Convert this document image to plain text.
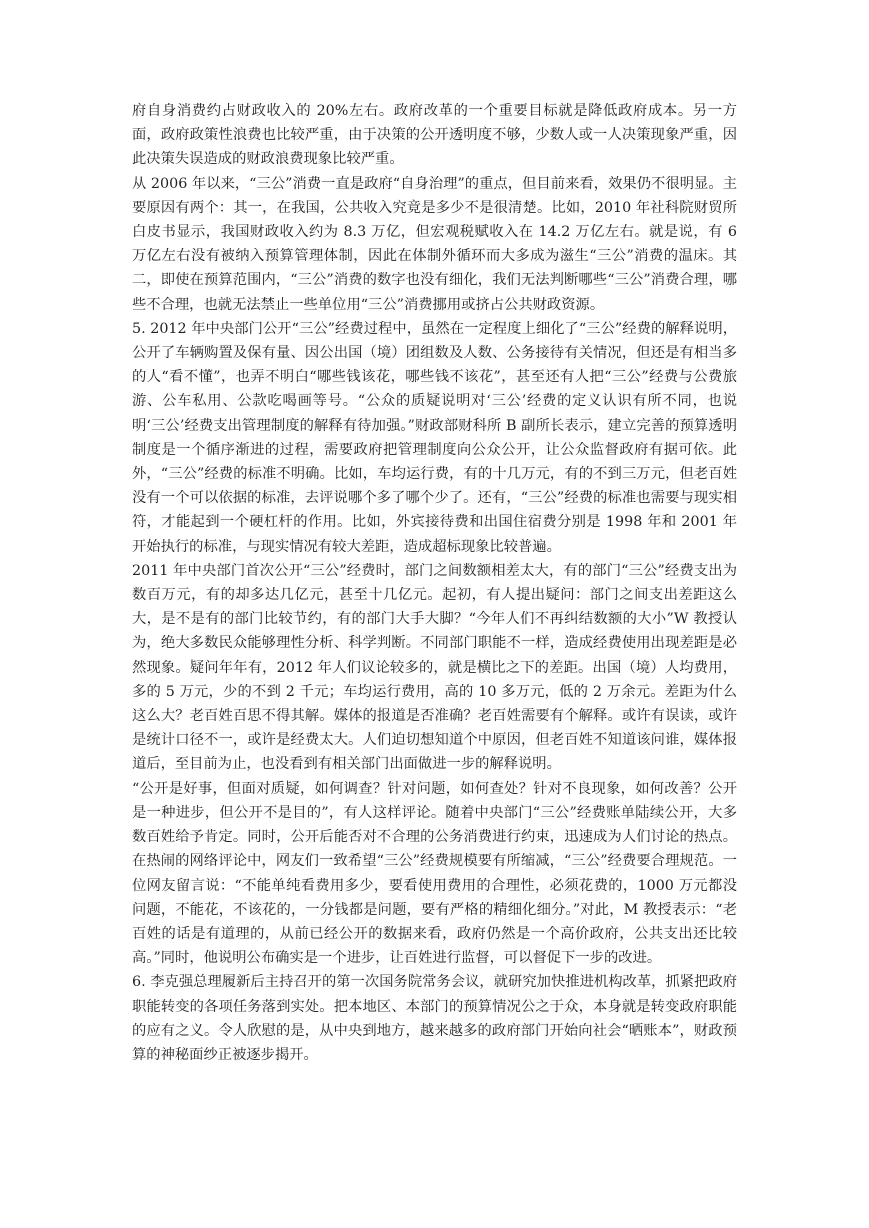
府自身消费约占财政收入的 20%左右。政府改革的一个重要目标就是降低政府成本。另一方面，政府政策性浪费也比较严重，由于决策的公开透明度不够，少数人或一人决策现象严重，因此决策失误造成的财政浪费现象比较严重。

从 2006 年以来，“三公”消费一直是政府“自身治理”的重点，但目前来看，效果仍不很明显。主要原因有两个：其一，在我国，公共收入究竟是多少不是很清楚。比如，2010 年社科院财贸所白皮书显示，我国财政收入约为 8.3 万亿，但宏观税赋收入在 14.2 万亿左右。就是说，有 6 万亿左右没有被纳入预算管理体制，因此在体制外循环而大多成为滋生“三公”消费的温床。其二，即使在预算范围内，“三公”消费的数字也没有细化，我们无法判断哪些“三公”消费合理，哪些不合理，也就无法禁止一些单位用“三公”消费挪用或挤占公共财政资源。

5. 2012 年中央部门公开“三公”经费过程中，虽然在一定程度上细化了“三公”经费的解释说明，公开了车辆购置及保有量、因公出国（境）团组数及人数、公务接待有关情况，但还是有相当多的人“看不懂”，也弄不明白“哪些钱该花，哪些钱不该花”，甚至还有人把“三公”经费与公费旅游、公车私用、公款吃喝画等号。“公众的质疑说明对‘三公’经费的定义认识有所不同，也说明‘三公’经费支出管理制度的解释有待加强。”财政部财科所 B 副所长表示，建立完善的预算透明制度是一个循序渐进的过程，需要政府把管理制度向公众公开，让公众监督政府有据可依。此外，“三公”经费的标准不明确。比如，车均运行费，有的十几万元，有的不到三万元，但老百姓没有一个可以依据的标准，去评说哪个多了哪个少了。还有，“三公”经费的标准也需要与现实相符，才能起到一个硬杠杆的作用。比如，外宾接待费和出国住宿费分别是 1998 年和 2001 年开始执行的标准，与现实情况有较大差距，造成超标现象比较普遍。

2011 年中央部门首次公开“三公”经费时，部门之间数额相差太大，有的部门“三公”经费支出为数百万元，有的却多达几亿元，甚至十几亿元。起初，有人提出疑问：部门之间支出差距这么大，是不是有的部门比较节约，有的部门大手大脚？“今年人们不再纠结数额的大小”W 教授认为，绝大多数民众能够理性分析、科学判断。不同部门职能不一样，造成经费使用出现差距是必然现象。疑问年年有，2012 年人们议论较多的，就是横比之下的差距。出国（境）人均费用，多的 5 万元，少的不到 2 千元；车均运行费用，高的 10 多万元，低的 2 万余元。差距为什么这么大？老百姓百思不得其解。媒体的报道是否准确？老百姓需要有个解释。或许有误读，或许是统计口径不一，或许是经费太大。人们迫切想知道个中原因，但老百姓不知道该问谁，媒体报道后，至目前为止，也没看到有相关部门出面做进一步的解释说明。

“公开是好事，但面对质疑，如何调查？针对问题，如何查处？针对不良现象，如何改善？公开是一种进步，但公开不是目的”，有人这样评论。随着中央部门“三公”经费账单陆续公开，大多数百姓给予肯定。同时，公开后能否对不合理的公务消费进行约束，迅速成为人们讨论的热点。在热闹的网络评论中，网友们一致希望“三公”经费规模要有所缩减，“三公”经费要合理规范。一位网友留言说：“不能单纯看费用多少，要看使用费用的合理性，必须花费的，1000 万元都没问题，不能花，不该花的，一分钱都是问题，要有严格的精细化细分。”对此，M 教授表示：“老百姓的话是有道理的，从前已经公开的数据来看，政府仍然是一个高价政府，公共支出还比较高。”同时，他说明公布确实是一个进步，让百姓进行监督，可以督促下一步的改进。

6. 李克强总理履新后主持召开的第一次国务院常务会议，就研究加快推进机构改革，抓紧把政府职能转变的各项任务落到实处。把本地区、本部门的预算情况公之于众，本身就是转变政府职能的应有之义。令人欣慰的是，从中央到地方，越来越多的政府部门开始向社会“晒账本”，财政预算的神秘面纱正被逐步揭开。
